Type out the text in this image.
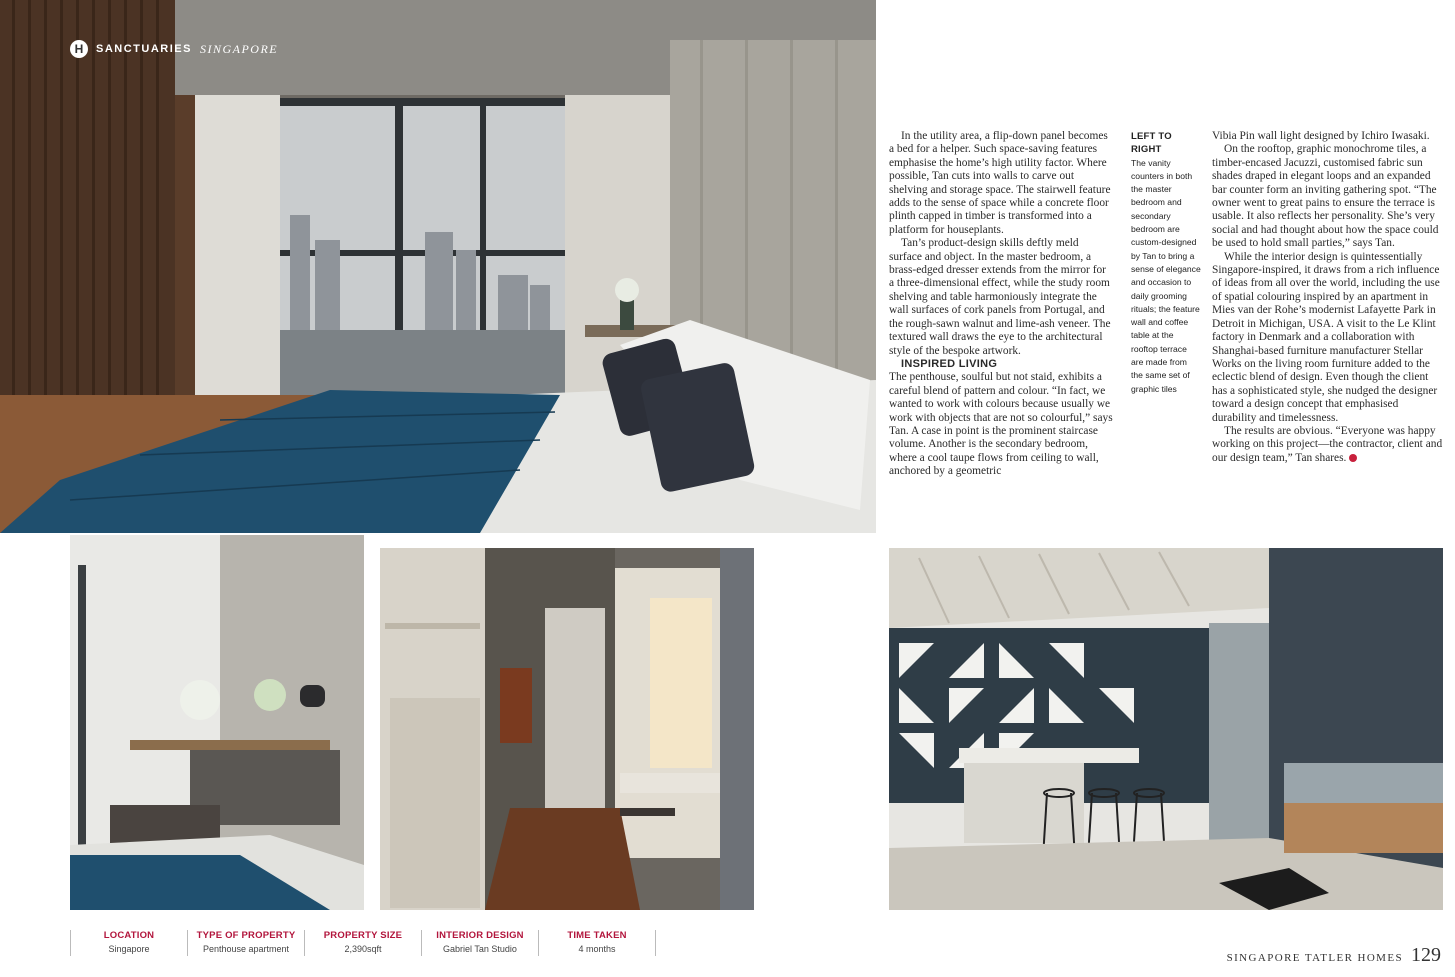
H	SANCTUARIES SINGAPORE

In the utility area, a flip-down panel becomes a bed for a helper. Such space-saving features emphasise the home’s high utility factor. Where possible, Tan cuts into walls to carve out shelving and storage space. The stairwell feature adds to the sense of space while a concrete floor plinth capped in timber is transformed into a platform for houseplants.

Tan’s product-design skills deftly meld surface and object. In the master bedroom, a brass-edged dresser extends from the mirror for a three-dimensional effect, while the study room shelving and table harmoniously integrate the wall surfaces of cork panels from Portugal, and the rough-sawn walnut and lime-ash veneer. The textured wall draws the eye to the architectural style of the bespoke artwork.

INSPIRED LIVING

The penthouse, soulful but not staid, exhibits a careful blend of pattern and colour. “In fact, we wanted to work with colours because usually we work with objects that are not so colourful,” says Tan. A case in point is the prominent staircase volume. Another is the secondary bedroom, where a cool taupe flows from ceiling to wall, anchored by a geometric

LEFT TO RIGHT
The vanity counters in both the master bedroom and secondary bedroom are custom-designed by Tan to bring a sense of elegance and occasion to daily grooming rituals; the feature wall and coffee table at the rooftop terrace are made from the same set of graphic tiles

Vibia Pin wall light designed by Ichiro Iwasaki.

On the rooftop, graphic monochrome tiles, a timber-encased Jacuzzi, customised fabric sun shades draped in elegant loops and an expanded bar counter form an inviting gathering spot. “The owner went to great pains to ensure the terrace is usable. It also reflects her personality. She’s very social and had thought about how the space could be used to hold small parties,” says Tan.

While the interior design is quintessentially Singapore-inspired, it draws from a rich influence of ideas from all over the world, including the use of spatial colouring inspired by an apartment in Mies van der Rohe’s modernist Lafayette Park in Detroit in Michigan, USA. A visit to the Le Klint factory in Denmark and a collaboration with Shanghai-based furniture manufacturer Stellar Works on the living room furniture added to the eclectic blend of design. Even though the client has a sophisticated style, she nudged the designer toward a design concept that emphasised durability and timelessness.

The results are obvious. “Everyone was happy working on this project—the contractor, client and our design team,” Tan shares.

LOCATION
Singapore
TYPE OF PROPERTY
Penthouse apartment
PROPERTY SIZE
2,390sqft
INTERIOR DESIGN
Gabriel Tan Studio
TIME TAKEN
4 months
SINGAPORE TATLER HOMES 129
